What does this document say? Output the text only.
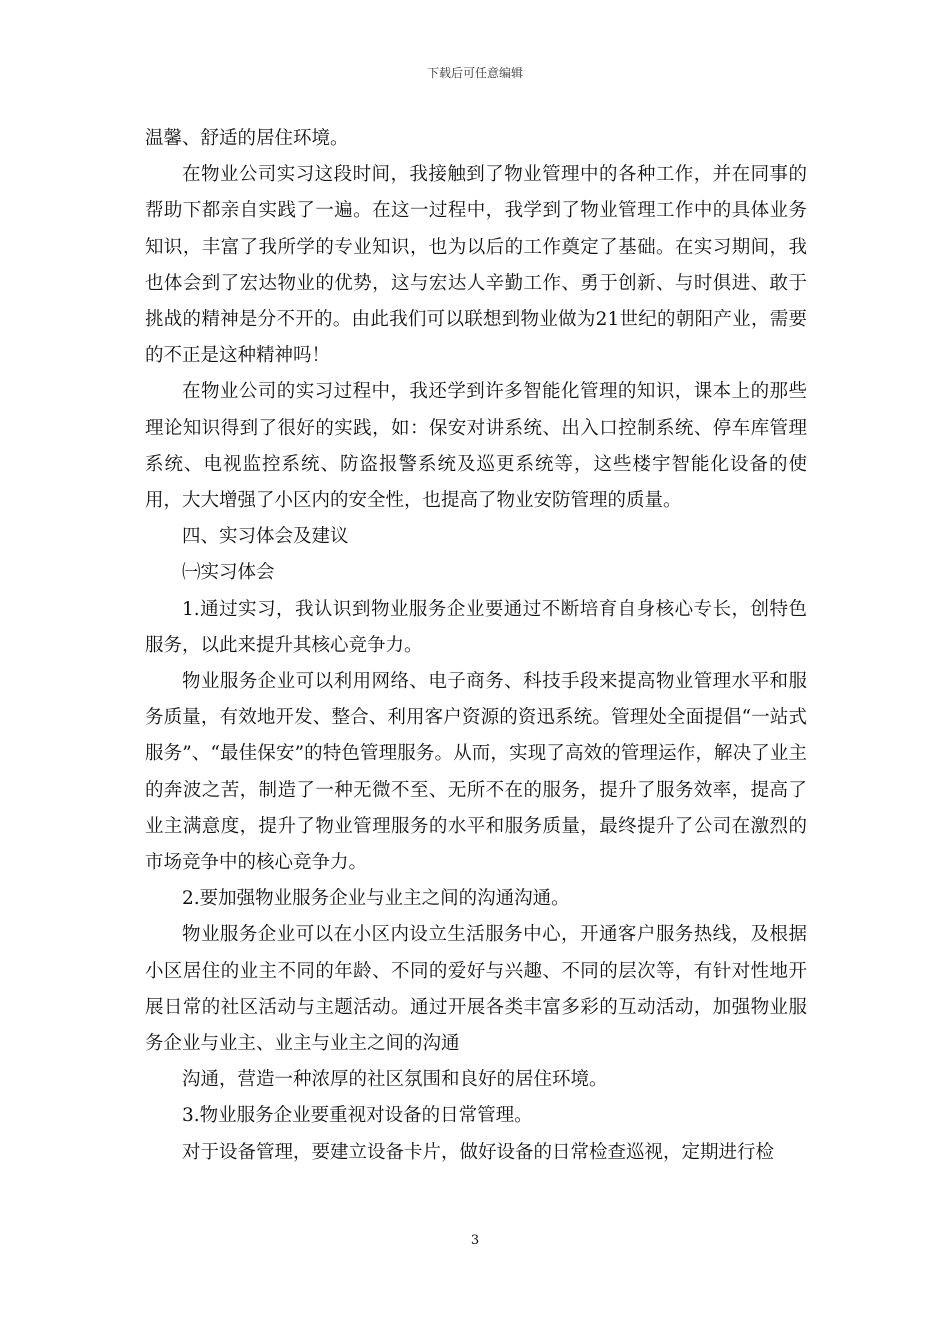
下载后可任意编辑

温馨、舒适的居住环境。

在物业公司实习这段时间，我接触到了物业管理中的各种工作，并在同事的帮助下都亲自实践了一遍。在这一过程中，我学到了物业管理工作中的具体业务知识，丰富了我所学的专业知识，也为以后的工作奠定了基础。在实习期间，我也体会到了宏达物业的优势，这与宏达人辛勤工作、勇于创新、与时俱进、敢于挑战的精神是分不开的。由此我们可以联想到物业做为21世纪的朝阳产业，需要的不正是这种精神吗！

在物业公司的实习过程中，我还学到许多智能化管理的知识，课本上的那些理论知识得到了很好的实践，如：保安对讲系统、出入口控制系统、停车库管理系统、电视监控系统、防盗报警系统及巡更系统等，这些楼宇智能化设备的使用，大大增强了小区内的安全性，也提高了物业安防管理的质量。

四、实习体会及建议

㈠实习体会

1.通过实习，我认识到物业服务企业要通过不断培育自身核心专长，创特色服务，以此来提升其核心竞争力。

物业服务企业可以利用网络、电子商务、科技手段来提高物业管理水平和服务质量，有效地开发、整合、利用客户资源的资迅系统。管理处全面提倡“一站式服务”、“最佳保安”的特色管理服务。从而，实现了高效的管理运作，解决了业主的奔波之苦，制造了一种无微不至、无所不在的服务，提升了服务效率，提高了业主满意度，提升了物业管理服务的水平和服务质量，最终提升了公司在激烈的市场竞争中的核心竞争力。

2.要加强物业服务企业与业主之间的沟通沟通。

物业服务企业可以在小区内设立生活服务中心，开通客户服务热线，及根据小区居住的业主不同的年龄、不同的爱好与兴趣、不同的层次等，有针对性地开展日常的社区活动与主题活动。通过开展各类丰富多彩的互动活动，加强物业服务企业与业主、业主与业主之间的沟通

沟通，营造一种浓厚的社区氛围和良好的居住环境。

3.物业服务企业要重视对设备的日常管理。

对于设备管理，要建立设备卡片，做好设备的日常检查巡视，定期进行检

3
